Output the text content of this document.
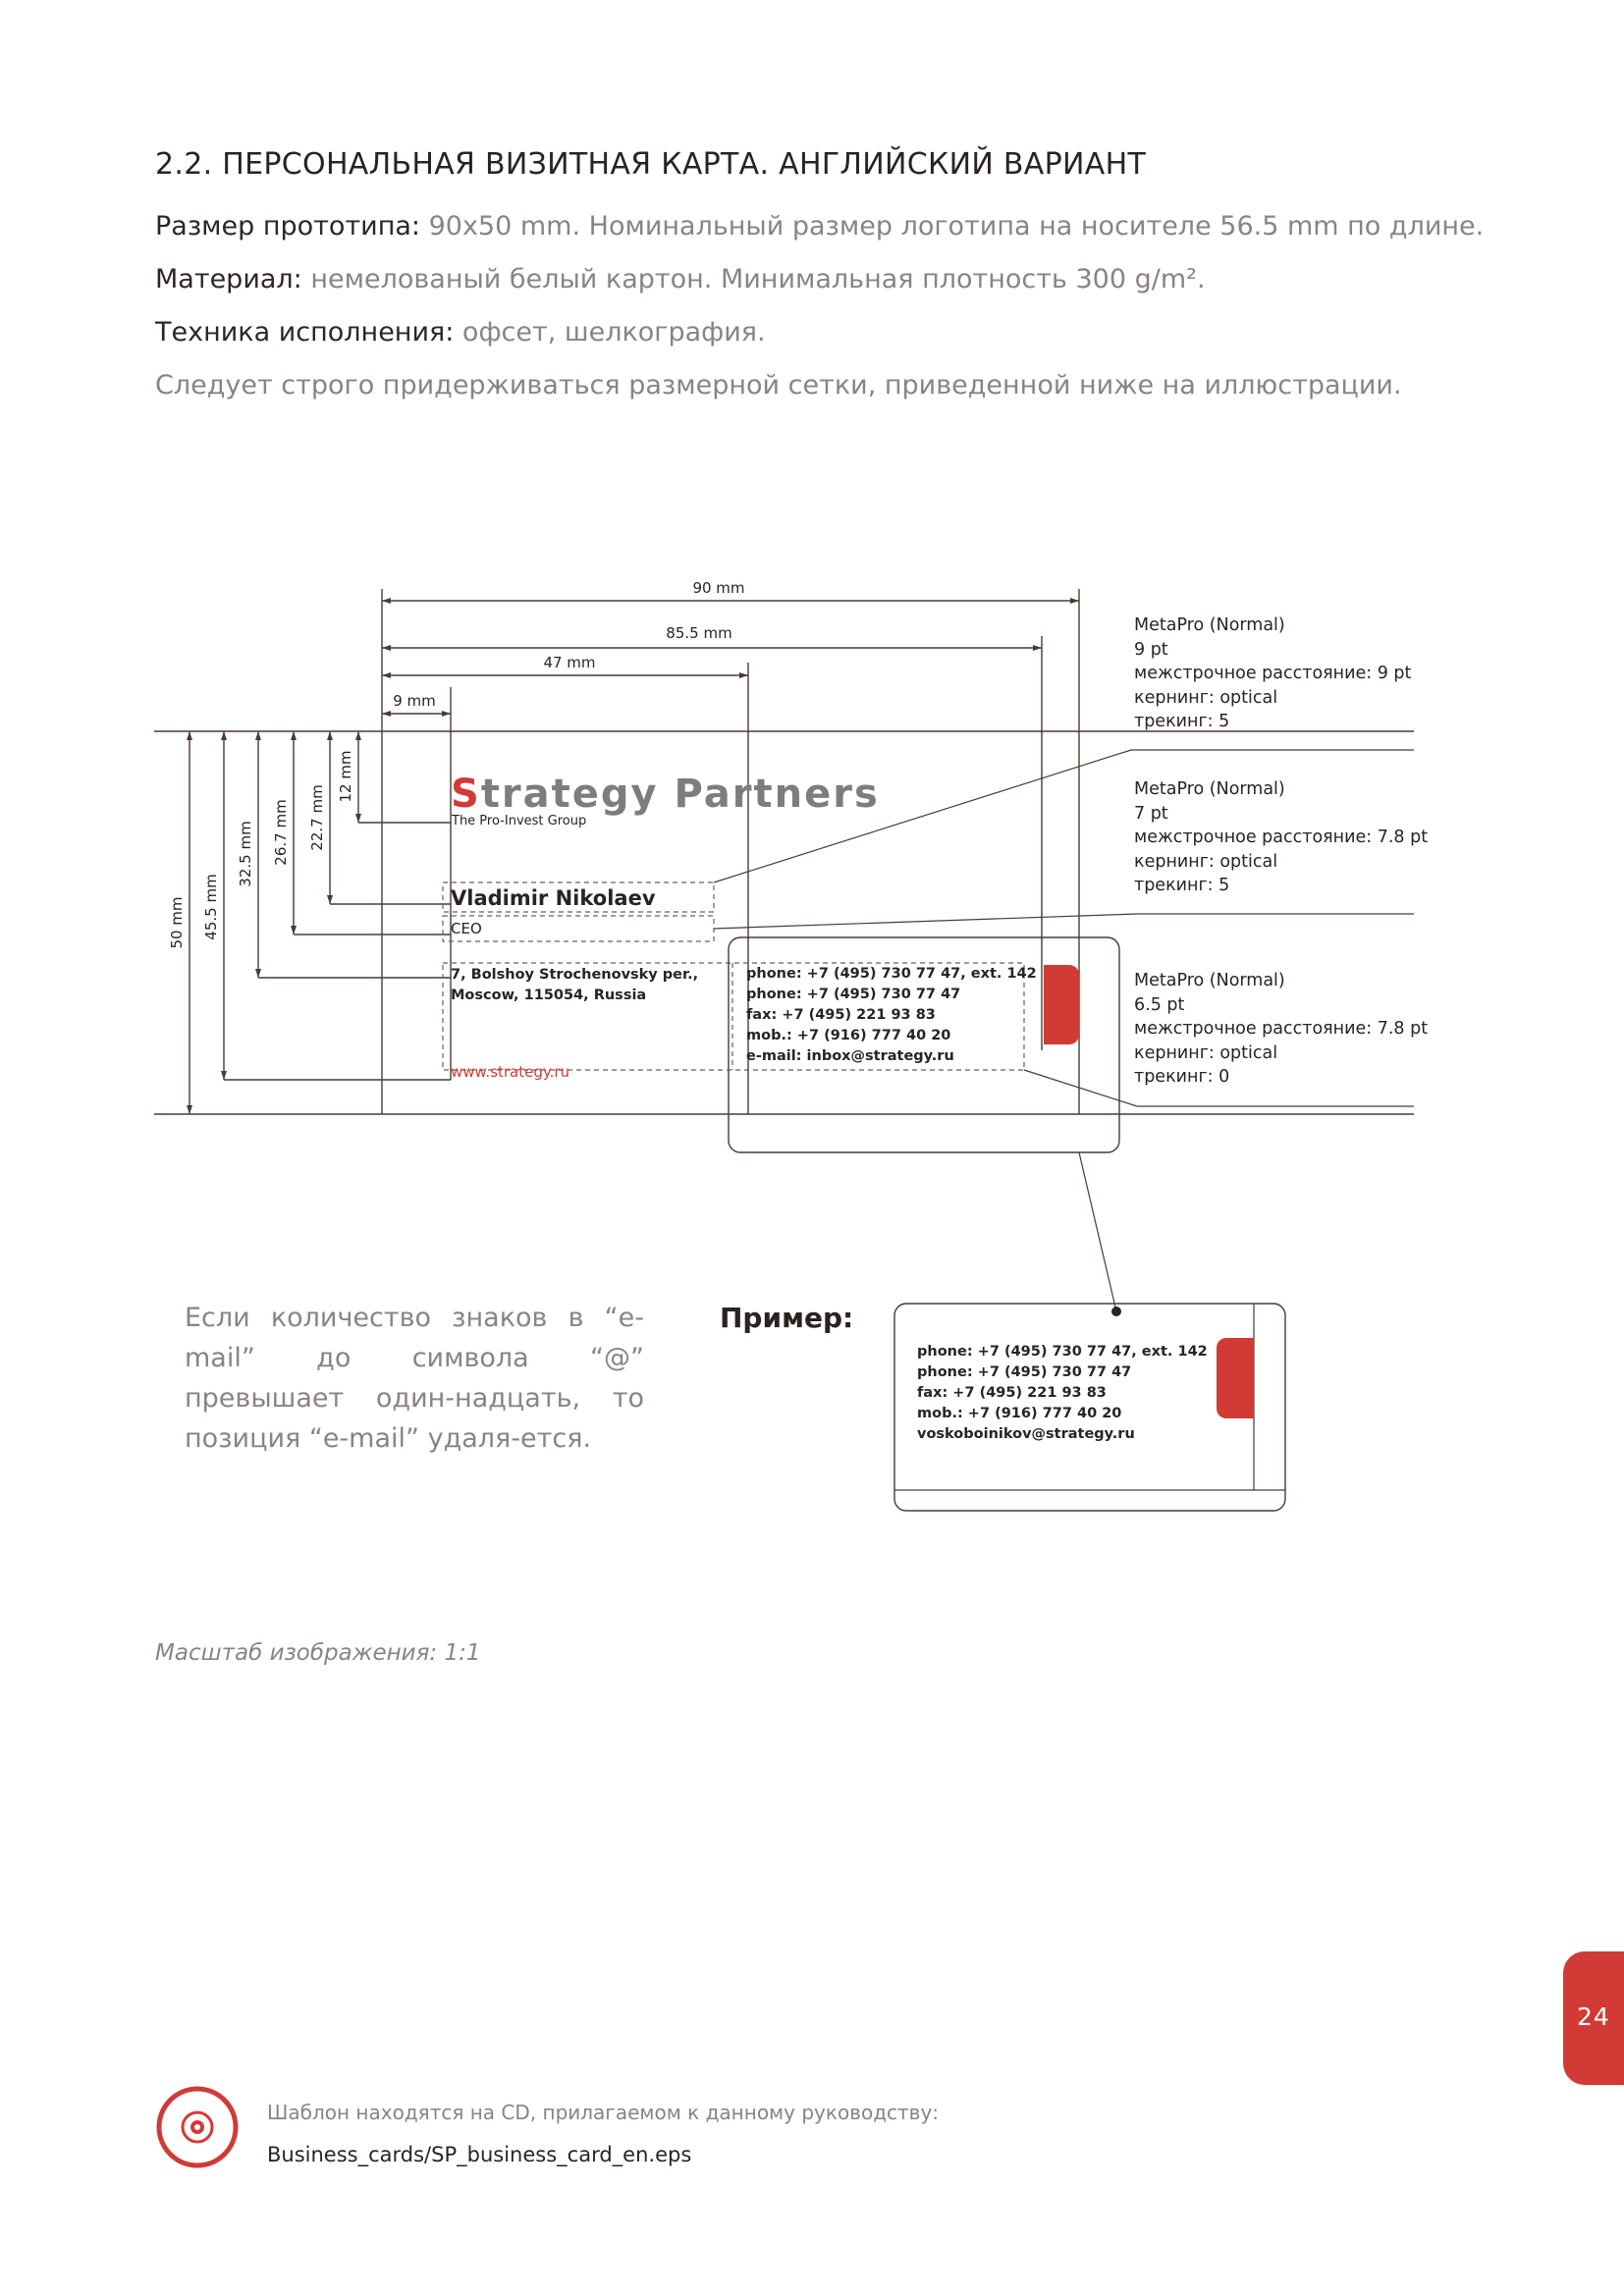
2.2. ПЕРСОНАЛЬНАЯ ВИЗИТНАЯ КАРТА. АНГЛИЙСКИЙ ВАРИАНТ
Размер прототипа: 90x50 mm. Номинальный размер логотипа на носителе 56.5 mm по длине.
Материал: немелованый белый картон. Минимальная плотность 300 g/m².
Техника исполнения: офсет, шелкография.
Следует строго придерживаться размерной сетки, приведенной ниже на иллюстрации.
90 mm
85.5 mm
47 mm
9 mm
50 mm 45.5 mm
32.5 mm 26.7 mm 22.7 mm
12 mm Strategy Partners
The Pro-Invest Group
Vladimir Nikolaev
CEO
7, Bolshoy Strochenovsky per.,
Moscow, 115054, Russia
phone: +7 (495) 730 77 47, ext. 142
phone: +7 (495) 730 77 47
fax: +7 (495) 221 93 83
mob.: +7 (916) 777 40 20
e-mail: inbox@strategy.ru
www.strategy.ru
phone: +7 (495) 730 77 47, ext. 142
phone: +7 (495) 730 77 47
fax: +7 (495) 221 93 83
mob.: +7 (916) 777 40 20
voskoboinikov@strategy.ru
MetaPro (Normal)
9 pt
межстрочное расстояние: 9 pt
кернинг: optical
трекинг: 5
MetaPro (Normal)
7 pt
межстрочное расстояние: 7.8 pt
кернинг: optical
трекинг: 5
MetaPro (Normal)
6.5 pt
межстрочное расстояние: 7.8 pt
кернинг: optical
трекинг: 0
Если количество знаков в “e-mail” до символа “@” превышает один-надцать, то позиция “e-mail” удаля-ется.
Пример:
Масштаб изображения: 1:1
24
Шаблон находятся на CD, прилагаемом к данному руководству:
Business_cards/SP_business_card_en.eps
